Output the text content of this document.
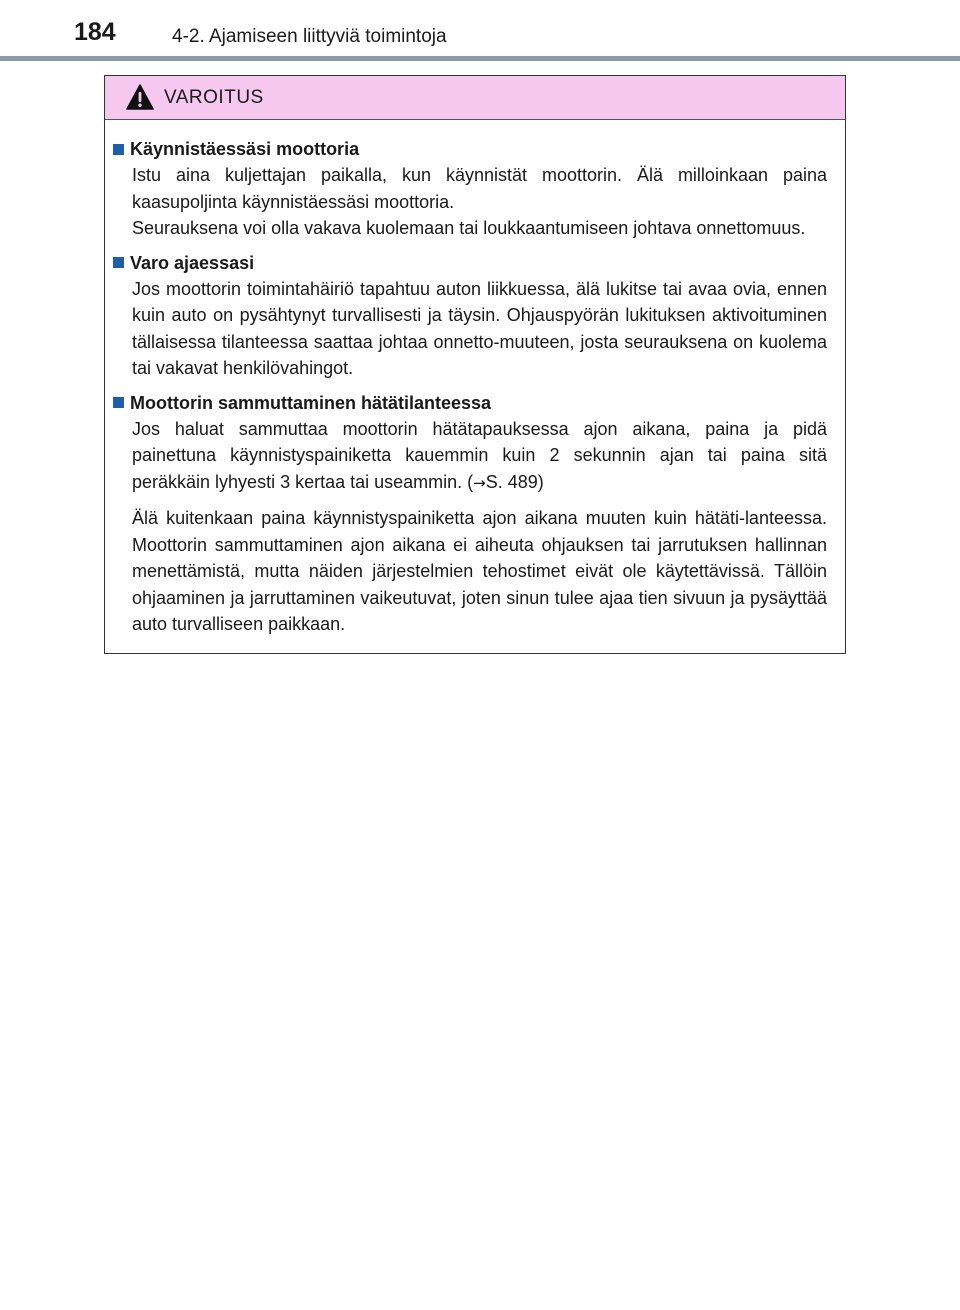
184	4-2. Ajamiseen liittyviä toimintoja
VAROITUS
Käynnistäessäsi moottoria

Istu aina kuljettajan paikalla, kun käynnistät moottorin. Älä milloinkaan paina kaasupoljinta käynnistäessäsi moottoria.

Seurauksena voi olla vakava kuolemaan tai loukkaantumiseen johtava onnettomuus.

Varo ajaessasi

Jos moottorin toimintahäiriö tapahtuu auton liikkuessa, älä lukitse tai avaa ovia, ennen kuin auto on pysähtynyt turvallisesti ja täysin. Ohjauspyörän lukituksen aktivoituminen tällaisessa tilanteessa saattaa johtaa onnetto-muuteen, josta seurauksena on kuolema tai vakavat henkilövahingot.

Moottorin sammuttaminen hätätilanteessa

Jos haluat sammuttaa moottorin hätätapauksessa ajon aikana, paina ja pidä painettuna käynnistyspainiketta kauemmin kuin 2 sekunnin ajan tai paina sitä peräkkäin lyhyesti 3 kertaa tai useammin. (→S. 489)

Älä kuitenkaan paina käynnistyspainiketta ajon aikana muuten kuin hätäti-lanteessa. Moottorin sammuttaminen ajon aikana ei aiheuta ohjauksen tai jarrutuksen hallinnan menettämistä, mutta näiden järjestelmien tehostimet eivät ole käytettävissä. Tällöin ohjaaminen ja jarruttaminen vaikeutuvat, joten sinun tulee ajaa tien sivuun ja pysäyttää auto turvalliseen paikkaan.
